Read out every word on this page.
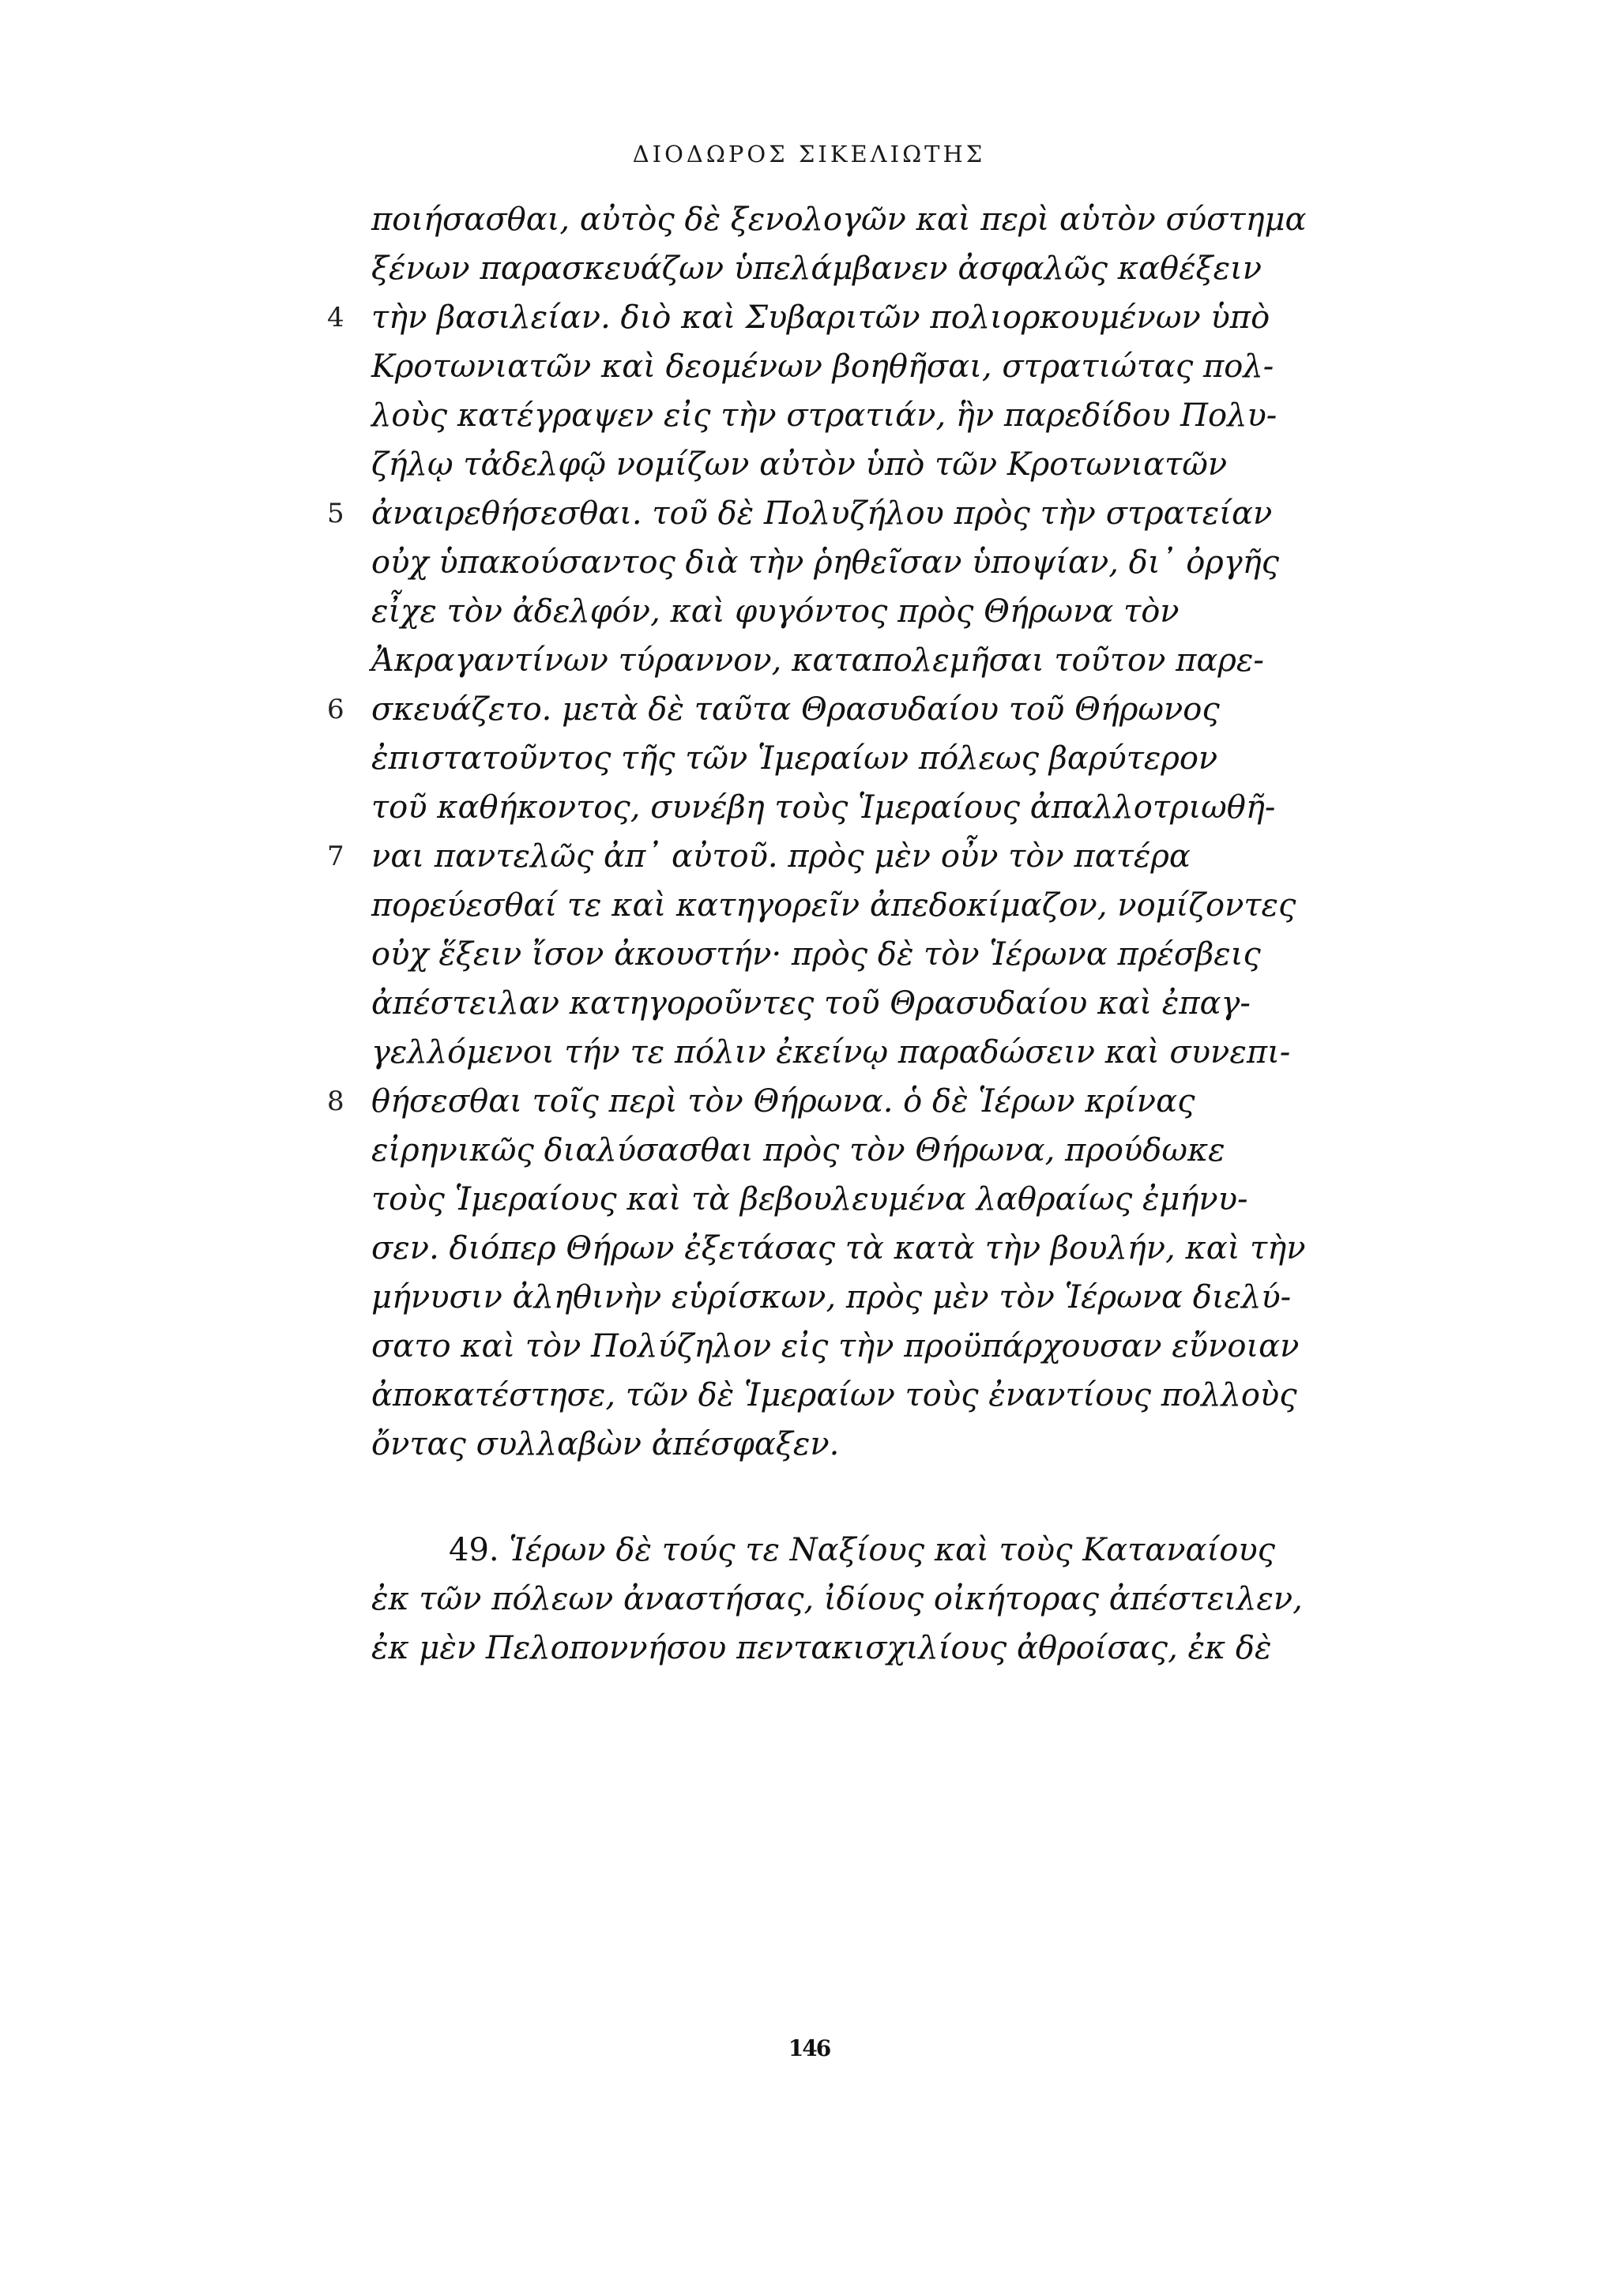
ΔΙΟΔΩΡΟΣ ΣΙΚΕΛΙΩΤΗΣ
ποιήσασθαι, αὐτὸς δὲ ξενολογῶν καὶ περὶ αὑτὸν σύστημα
ξένων παρασκευάζων ὑπελάμβανεν ἀσφαλῶς καθέξειν
4 τὴν βασιλείαν. διὸ καὶ Συβαριτῶν πολιορκουμένων ὑπὸ
Κροτωνιατῶν καὶ δεομένων βοηθῆσαι, στρατιώτας πολ-
λοὺς κατέγραψεν εἰς τὴν στρατιάν, ἣν παρεδίδου Πολυ-
ζήλῳ τἀδελφῷ νομίζων αὐτὸν ὑπὸ τῶν Κροτωνιατῶν
5 ἀναιρεθήσεσθαι. τοῦ δὲ Πολυζήλου πρὸς τὴν στρατείαν
οὐχ ὑπακούσαντος διὰ τὴν ῥηθεῖσαν ὑποψίαν, δι᾽ ὀργῆς
εἶχε τὸν ἀδελφόν, καὶ φυγόντος πρὸς Θήρωνα τὸν
Ἀκραγαντίνων τύραννον, καταπολεμῆσαι τοῦτον παρε-
6 σκευάζετο. μετὰ δὲ ταῦτα Θρασυδαίου τοῦ Θήρωνος
ἐπιστατοῦντος τῆς τῶν Ἱμεραίων πόλεως βαρύτερον
τοῦ καθήκοντος, συνέβη τοὺς Ἱμεραίους ἀπαλλοτριωθῆ-
7 ναι παντελῶς ἀπ᾽ αὐτοῦ. πρὸς μὲν οὖν τὸν πατέρα
πορεύεσθαί τε καὶ κατηγορεῖν ἀπεδοκίμαζον, νομίζοντες
οὐχ ἕξειν ἴσον ἀκουστήν· πρὸς δὲ τὸν Ἱέρωνα πρέσβεις
ἀπέστειλαν κατηγοροῦντες τοῦ Θρασυδαίου καὶ ἐπαγ-
γελλόμενοι τήν τε πόλιν ἐκείνῳ παραδώσειν καὶ συνεπι-
8 θήσεσθαι τοῖς περὶ τὸν Θήρωνα. ὁ δὲ Ἱέρων κρίνας
εἰρηνικῶς διαλύσασθαι πρὸς τὸν Θήρωνα, προύδωκε
τοὺς Ἱμεραίους καὶ τὰ βεβουλευμένα λαθραίως ἐμήνυ-
σεν. διόπερ Θήρων ἐξετάσας τὰ κατὰ τὴν βουλήν, καὶ τὴν
μήνυσιν ἀληθινὴν εὑρίσκων, πρὸς μὲν τὸν Ἱέρωνα διελύ-
σατο καὶ τὸν Πολύζηλον εἰς τὴν προϋπάρχουσαν εὔνοιαν
ἀποκατέστησε, τῶν δὲ Ἱμεραίων τοὺς ἐναντίους πολλοὺς
ὄντας συλλαβὼν ἀπέσφαξεν.
49. Ἱέρων δὲ τούς τε Ναξίους καὶ τοὺς Καταναίους
ἐκ τῶν πόλεων ἀναστήσας, ἰδίους οἰκήτορας ἀπέστειλεν,
ἐκ μὲν Πελοποννήσου πεντακισχιλίους ἀθροίσας, ἐκ δὲ
146
